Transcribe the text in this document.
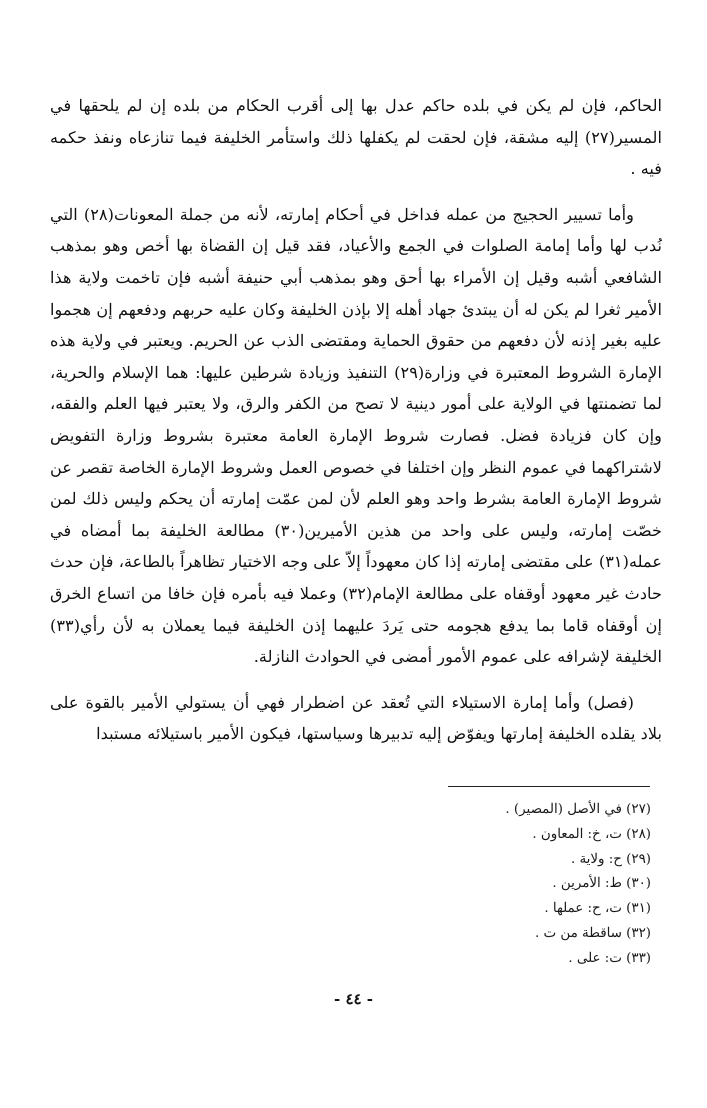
الحاكم، فإن لم يكن في بلده حاكم عدل بها إلى أقرب الحكام من بلده إن لم يلحقها في المسير(٢٧) إليه مشقة، فإن لحقت لم يكفلها ذلك واستأمر الخليفة فيما تنازعاه ونفذ حكمه فيه .

وأما تسيير الحجيج من عمله فداخل في أحكام إمارته، لأنه من جملة المعونات(٢٨) التي نُدب لها وأما إمامة الصلوات في الجمع والأعياد، فقد قيل إن القضاة بها أخص وهو بمذهب الشافعي أشبه وقيل إن الأمراء بها أحق وهو بمذهب أبي حنيفة أشبه فإن تاخمت ولاية هذا الأمير ثغرا لم يكن له أن يبتدئ جهاد أهله إلا بإذن الخليفة وكان عليه حربهم ودفعهم إن هجموا عليه بغير إذنه لأن دفعهم من حقوق الحماية ومقتضى الذب عن الحريم. ويعتبر في ولاية هذه الإمارة الشروط المعتبرة في وزارة(٢٩) التنفيذ وزيادة شرطين عليها: هما الإسلام والحرية، لما تضمنتها في الولاية على أمور دينية لا تصح من الكفر والرق، ولا يعتبر فيها العلم والفقه، وإن كان فزيادة فضل. فصارت شروط الإمارة العامة معتبرة بشروط وزارة التفويض لاشتراكهما في عموم النظر وإن اختلفا في خصوص العمل وشروط الإمارة الخاصة تقصر عن شروط الإمارة العامة بشرط واحد وهو العلم لأن لمن عمّت إمارته أن يحكم وليس ذلك لمن خصّت إمارته، وليس على واحد من هذين الأميرين(٣٠) مطالعة الخليفة بما أمضاه في عمله(٣١) على مقتضى إمارته إذا كان معهوداً إلاّ على وجه الاختيار تظاهراً بالطاعة، فإن حدث حادث غير معهود أوقفاه على مطالعة الإمام(٣٢) وعملا فيه بأمره فإن خافا من اتساع الخرق إن أوقفاه قاما بما يدفع هجومه حتى يَردَ عليهما إذن الخليفة فيما يعملان به لأن رأي(٣٣) الخليفة لإشرافه على عموم الأمور أمضى في الحوادث النازلة.

(فصل) وأما إمارة الاستيلاء التي تُعقد عن اضطرار فهي أن يستولي الأمير بالقوة على بلاد يقلده الخليفة إمارتها ويفوّض إليه تدبيرها وسياستها، فيكون الأمير باستيلائه مستبدا

(٢٧) في الأصل (المصير) .
(٢٨) ت، خ: المعاون .
(٢٩) ح: ولاية .
(٣٠) ط: الأمرين .
(٣١) ت، ح: عملها .
(٣٢) ساقطة من ت .
(٣٣) ت: على .
- ٤٤ -
